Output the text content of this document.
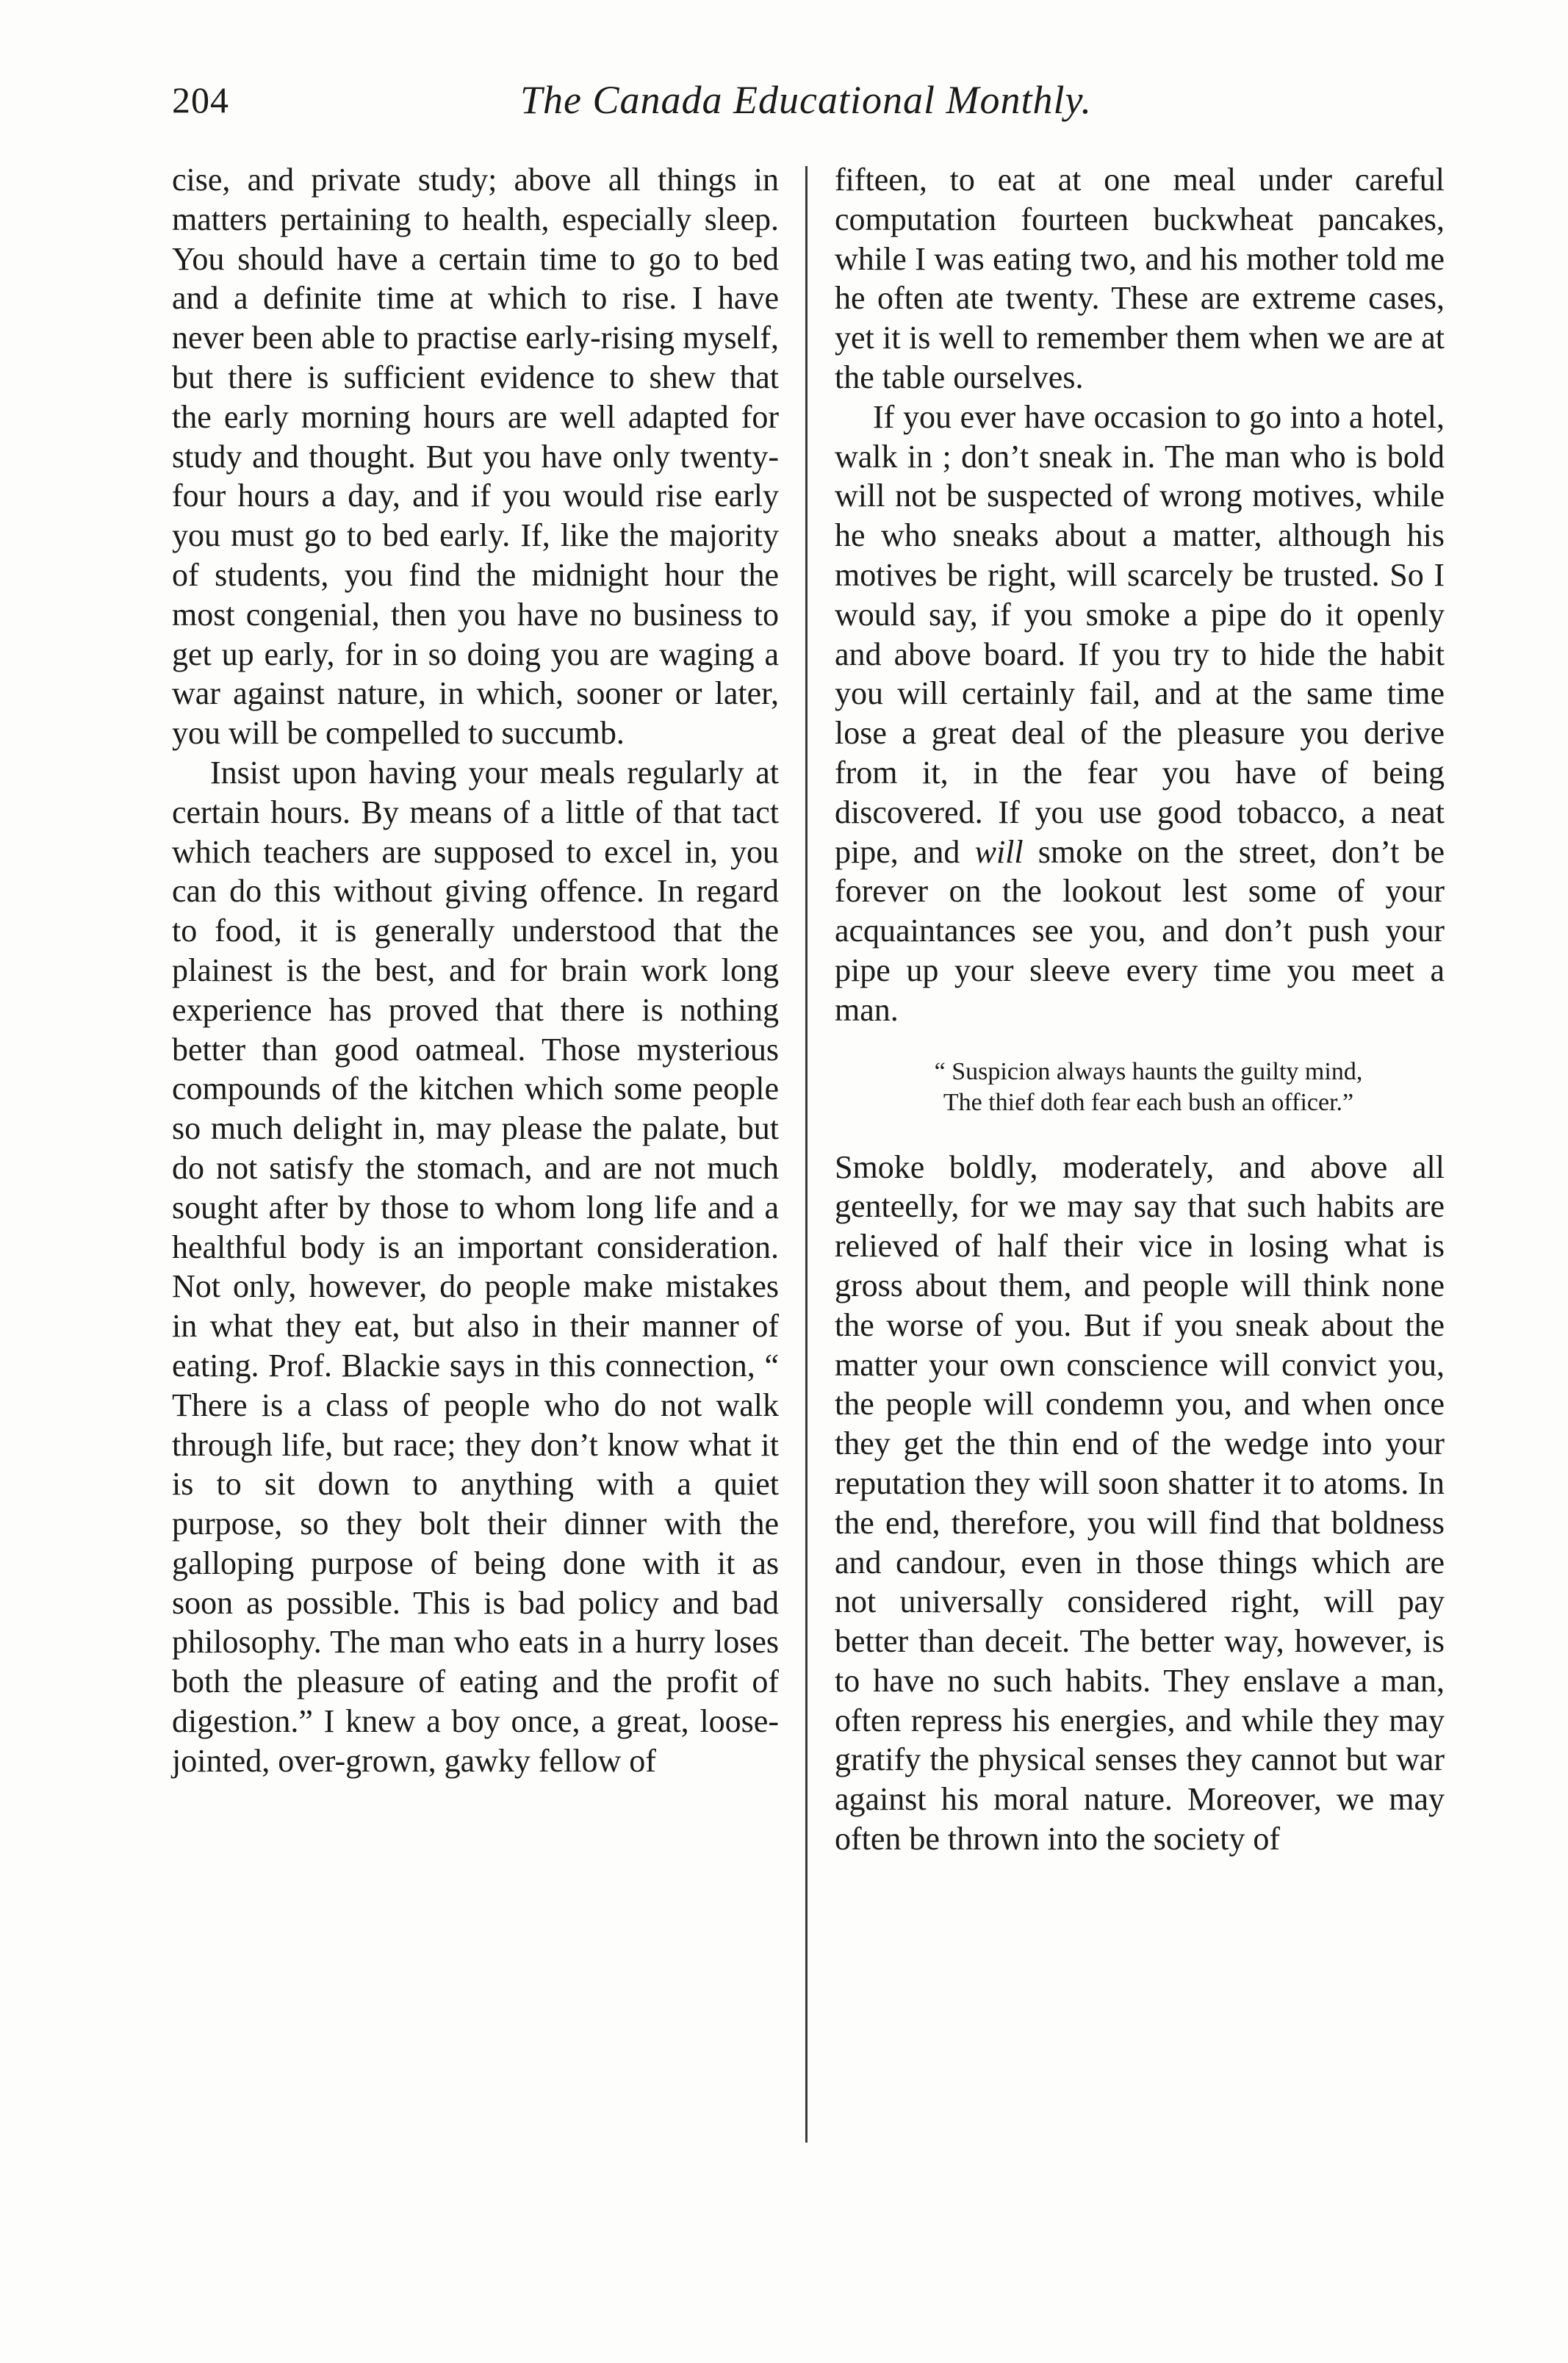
204	The Canada Educational Monthly.

cise, and private study; above all things in matters pertaining to health, especially sleep. You should have a certain time to go to bed and a definite time at which to rise. I have never been able to practise early-rising myself, but there is sufficient evidence to shew that the early morning hours are well adapted for study and thought. But you have only twenty-four hours a day, and if you would rise early you must go to bed early. If, like the majority of students, you find the midnight hour the most congenial, then you have no business to get up early, for in so doing you are waging a war against nature, in which, sooner or later, you will be compelled to succumb.

Insist upon having your meals regularly at certain hours. By means of a little of that tact which teachers are supposed to excel in, you can do this without giving offence. In regard to food, it is generally understood that the plainest is the best, and for brain work long experience has proved that there is nothing better than good oatmeal. Those mysterious compounds of the kitchen which some people so much delight in, may please the palate, but do not satisfy the stomach, and are not much sought after by those to whom long life and a healthful body is an important consideration. Not only, however, do people make mistakes in what they eat, but also in their manner of eating. Prof. Blackie says in this connection, “ There is a class of people who do not walk through life, but race; they don’t know what it is to sit down to anything with a quiet purpose, so they bolt their dinner with the galloping purpose of being done with it as soon as possible. This is bad policy and bad philosophy. The man who eats in a hurry loses both the pleasure of eating and the profit of digestion.” I knew a boy once, a great, loose-jointed, over-grown, gawky fellow of

fifteen, to eat at one meal under careful computation fourteen buckwheat pancakes, while I was eating two, and his mother told me he often ate twenty. These are extreme cases, yet it is well to remember them when we are at the table ourselves.

If you ever have occasion to go into a hotel, walk in ; don’t sneak in. The man who is bold will not be suspected of wrong motives, while he who sneaks about a matter, although his motives be right, will scarcely be trusted. So I would say, if you smoke a pipe do it openly and above board. If you try to hide the habit you will certainly fail, and at the same time lose a great deal of the pleasure you derive from it, in the fear you have of being discovered. If you use good tobacco, a neat pipe, and will smoke on the street, don’t be forever on the lookout lest some of your acquaintances see you, and don’t push your pipe up your sleeve every time you meet a man.

“ Suspicion always haunts the guilty mind,
The thief doth fear each bush an officer.”

Smoke boldly, moderately, and above all genteelly, for we may say that such habits are relieved of half their vice in losing what is gross about them, and people will think none the worse of you. But if you sneak about the matter your own conscience will convict you, the people will condemn you, and when once they get the thin end of the wedge into your reputation they will soon shatter it to atoms. In the end, therefore, you will find that boldness and candour, even in those things which are not universally considered right, will pay better than deceit. The better way, however, is to have no such habits. They enslave a man, often repress his energies, and while they may gratify the physical senses they cannot but war against his moral nature. Moreover, we may often be thrown into the society of
